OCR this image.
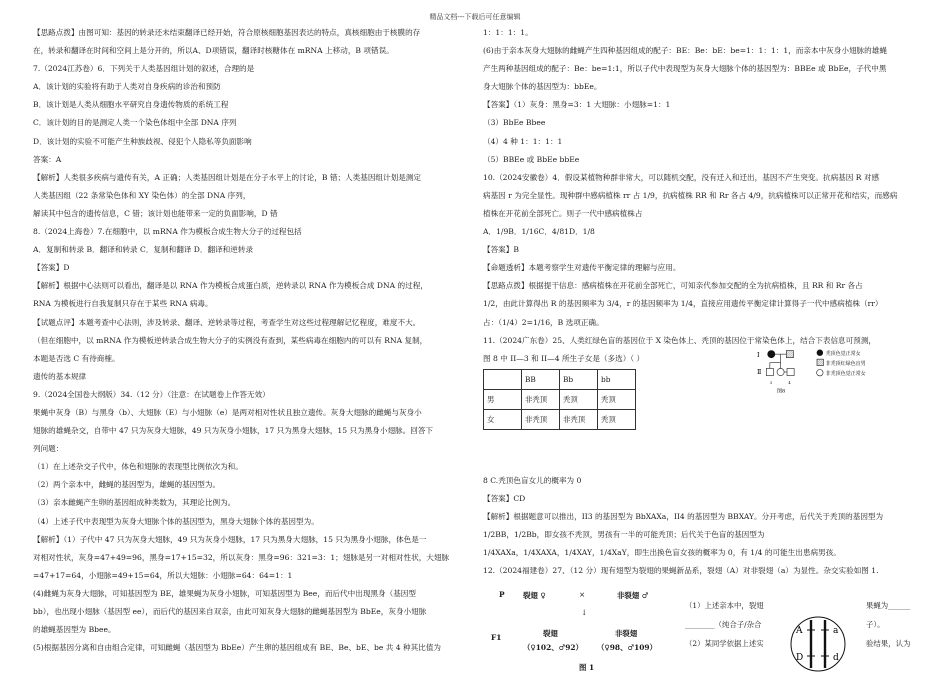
精品文档---下载后可任意编辑

【思路点拨】由图可知：基因的转录还未结束翻译已经开始，符合原核细胞基因表达的特点，真核细胞由于核膜的存

在，转录和翻译在时间和空间上是分开的，所以A、D项错误，翻译时核糖体在 mRNA 上移动，B 项错误。

7.（2024江苏卷）6．下列关于人类基因组计划的叙述，合理的是

A．该计划的实验将有助于人类对自身疾病的诊治和预防

B．该计划是人类从细胞水平研究自身遗传物质的系统工程

C．该计划的目的是测定人类一个染色体组中全部 DNA 序列

D．该计划的实验不可能产生种族歧视、侵犯个人隐私等负面影响

答案：A

【解析】人类很多疾病与遗传有关，A 正确；人类基因组计划是在分子水平上的讨论，B 错；人类基因组计划是测定

人类基因组（22 条常染色体和 XY 染色体）的全部 DNA 序列，

解读其中包含的遗传信息，C 错；该计划也能带来一定的负面影响，D 错

8.（2024上海卷）7.在细胞中，以 mRNA 作为模板合成生物大分子的过程包括

A．复制和转录 B．翻译和转录 C．复制和翻译 D．翻译和逆转录

【答案】D

【解析】根据中心法则可以看出，翻译是以 RNA 作为模板合成蛋白质，逆转录以 RNA 作为模板合成 DNA 的过程，

RNA 为模板进行自我复制只存在于某些 RNA 病毒。

【试题点评】本题考查中心法则，涉及转录、翻译、逆转录等过程，考查学生对这些过程理解记忆程度，难度不大。

（但在细胞中，以 mRNA 作为模板逆转录合成生物大分子的实例没有查到，某些病毒在细胞内的可以有 RNA 复制，

本题是否选 C 有待商榷。

遗传的基本规律

9.（2024全国卷大纲版）34.（12 分）（注意：在试题卷上作答无效）

果蝇中灰身（B）与黑身（b）、大翅脉（E）与小翅脉（e）是两对相对性状且独立遗传。灰身大翅脉的雌蝇与灰身小

翅脉的雄蝇杂交，自带中 47 只为灰身大翅脉，49 只为灰身小翅脉，17 只为黑身大翅脉，15 只为黑身小翅脉。回答下

列问题：

（1）在上述杂交子代中，体色和翅脉的表现型比例依次为和。

（2）两个亲本中，雌蝇的基因型为，雄蝇的基因型为。

（3）亲本雌蝇产生卵的基因组成种类数为，其理论比例为。

（4）上述子代中表现型为灰身大翅脉个体的基因型为，黑身大翅脉个体的基因型为。

【解析】（1）子代中 47 只为灰身大翅脉，49 只为灰身小翅脉，17 只为黑身大翅脉，15 只为黑身小翅脉，体色是一

对相对性状，灰身=47+49=96，黑身=17+15=32，所以灰身：黑身=96：321=3：1；翅脉是另一对相对性状，大翅脉

=47+17=64，小翅脉=49+15=64，所以大翅脉：小翅脉=64：64=1：1

(4)雌蝇为灰身大翅脉，可知基因型为 BE，雄果蝇为灰身小翅脉，可知基因型为 Bee，而后代中出现黑身（基因型

bb），也出现小翅脉（基因型 ee），而后代的基因来自双亲，由此可知灰身大翅脉的雌蝇基因型为 BbEe，灰身小翅脉

的雄蝇基因型为 Bbee。

(5)根据基因分离和自由组合定律，可知雌蝇（基因型为 BbEe）产生卵的基因组成有 BE、Be、bE、be 共 4 种其比值为

1：1：1：1。

(6)由于亲本灰身大翅脉的雌蝇产生四种基因组成的配子：BE：Be：bE：be=1：1：1：1，而亲本中灰身小翅脉的雄蝇

产生两种基因组成的配子：Be：be=1:1，所以子代中表现型为灰身大翅脉个体的基因型为：BBEe 或 BbEe，子代中黑

身大翅脉个体的基因型为：bbEe。

【答案】（1）灰身：黑身=3：1 大翅脉：小翅脉=1：1

（3）BbEe Bbee

（4）4 种 1：1：1：1

（5）BBEe 或 BbEe bbEe

10.（2024安徽卷）4．假设某植物种群非常大，可以随机交配，没有迁入和迁出，基因不产生突变。抗病基因 R 对感

病基因 r 为完全显性。现种群中感病植株 rr 占 1/9，抗病植株 RR 和 Rr 各占 4/9，抗病植株可以正常开花和结实，而感病

植株在开花前全部死亡。则子一代中感病植株占

A．1/9B．1/16C．4/81D．1/8

【答案】B

【命题透析】本题考察学生对遗传平衡定律的理解与应用。

【思路点拨】根据提干信息：感病植株在开花前全部死亡，可知亲代参加交配的全为抗病植株，且 RR 和 Rr 各占

1/2，由此计算得出 R 的基因频率为 3/4，r 的基因频率为 1/4，直接应用遗传平衡定律计算得子一代中感病植株（rr）

占：（1/4）2=1/16，B 选项正确。

11.（2024广东卷）25、人类红绿色盲的基因位于 X 染色体上、秃顶的基因位于常染色体上，结合下表信息可预测，

图 8 中 II—3 和 II—4 所生子女是（多选）（ ）

	BB	Bb	bb
男	非秃顶	秃顶	秃顶
女	非秃顶	非秃顶	秃顶
Ⅰ
Ⅱ
3	4
图8
秃顶色觉正常女
非秃顶红绿色盲男
非秃顶色觉正常女

8 C.秃顶色盲女儿的概率为 0

【答案】CD

【解析】根据题意可以推出，II3 的基因型为 BbXAXa，II4 的基因型为 BBXAY。分开考虑，后代关于秃顶的基因型为

1/2BB，1/2Bb，即女孩不秃顶，男孩有一半的可能秃顶；后代关于色盲的基因型为

1/4XAXa，1/4XAXA，1/4XAY，1/4XaY，即生出换色盲女孩的概率为 0，有 1/4 的可能生出患病男孩。

12.（2024福建卷）27、（12 分）现有翅型为裂翅的果蝇新品系，裂翅（A）对非裂翅（a）为显性。杂交实验如图 1.

P 裂翅 ♀	×	非裂翅 ♂
↓
F1	裂翅
（♀102、♂92）
非裂翅
（♀98、♂109）
图 1
（1）上述亲本中，裂翅
________（纯合子/杂合
（2）某同学依据上述实
果蝇为______
子）。
验结果，认为
A	a
D	d
